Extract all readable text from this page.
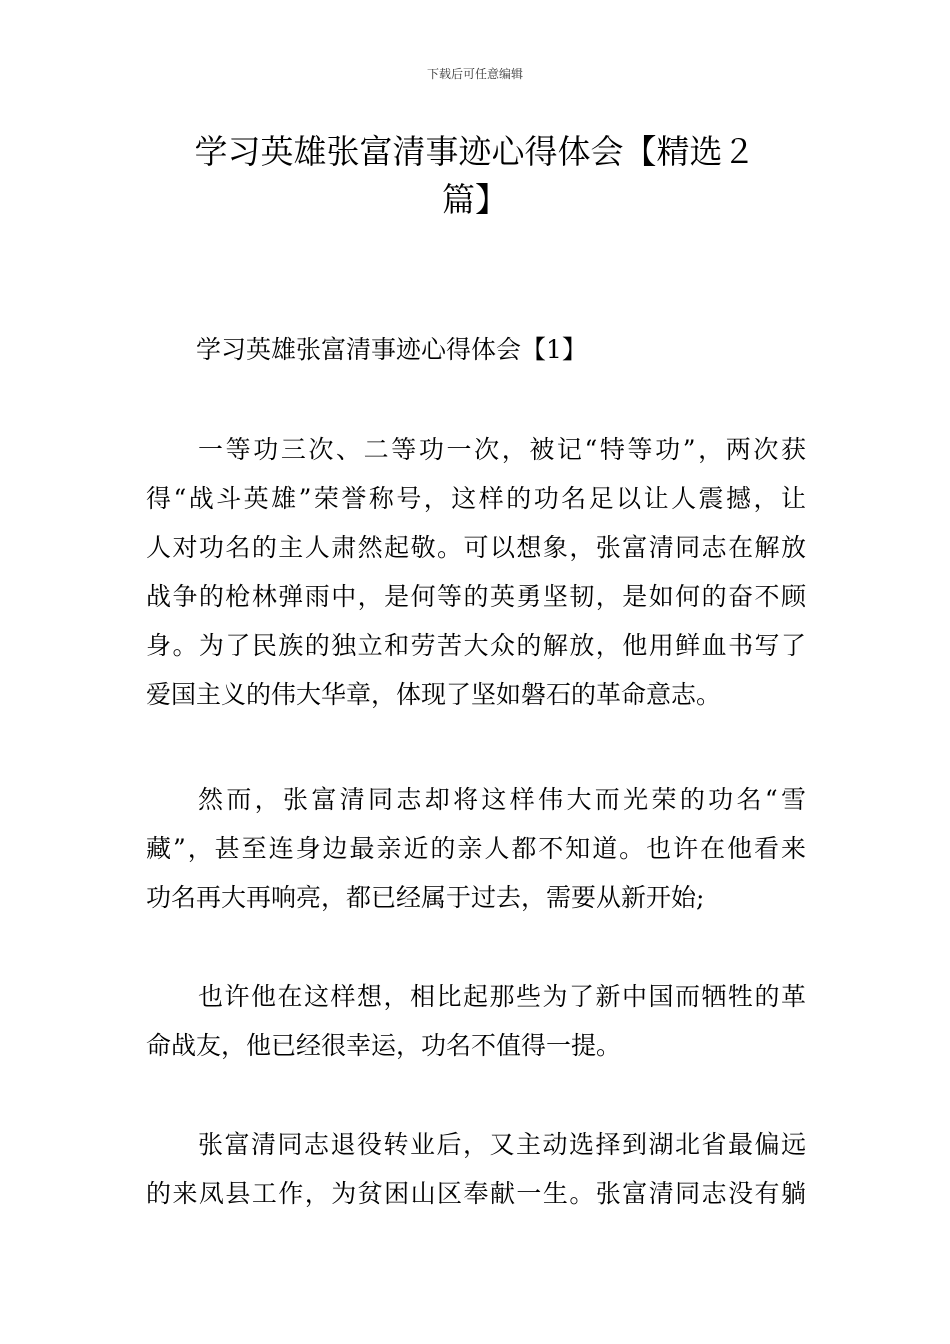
下载后可任意编辑
学习英雄张富清事迹心得体会【精选２
篇】
学习英雄张富清事迹心得体会【1】
一等功三次、二等功一次，被记“特等功”，两次获
得“战斗英雄”荣誉称号，这样的功名足以让人震撼，让
人对功名的主人肃然起敬。可以想象，张富清同志在解放
战争的枪林弹雨中，是何等的英勇坚韧，是如何的奋不顾
身。为了民族的独立和劳苦大众的解放，他用鲜血书写了
爱国主义的伟大华章，体现了坚如磐石的革命意志。
然而，张富清同志却将这样伟大而光荣的功名“雪
藏”，甚至连身边最亲近的亲人都不知道。也许在他看来
功名再大再响亮，都已经属于过去，需要从新开始;
也许他在这样想，相比起那些为了新中国而牺牲的革
命战友，他已经很幸运，功名不值得一提。
张富清同志退役转业后，又主动选择到湖北省最偏远
的来凤县工作，为贫困山区奉献一生。张富清同志没有躺
